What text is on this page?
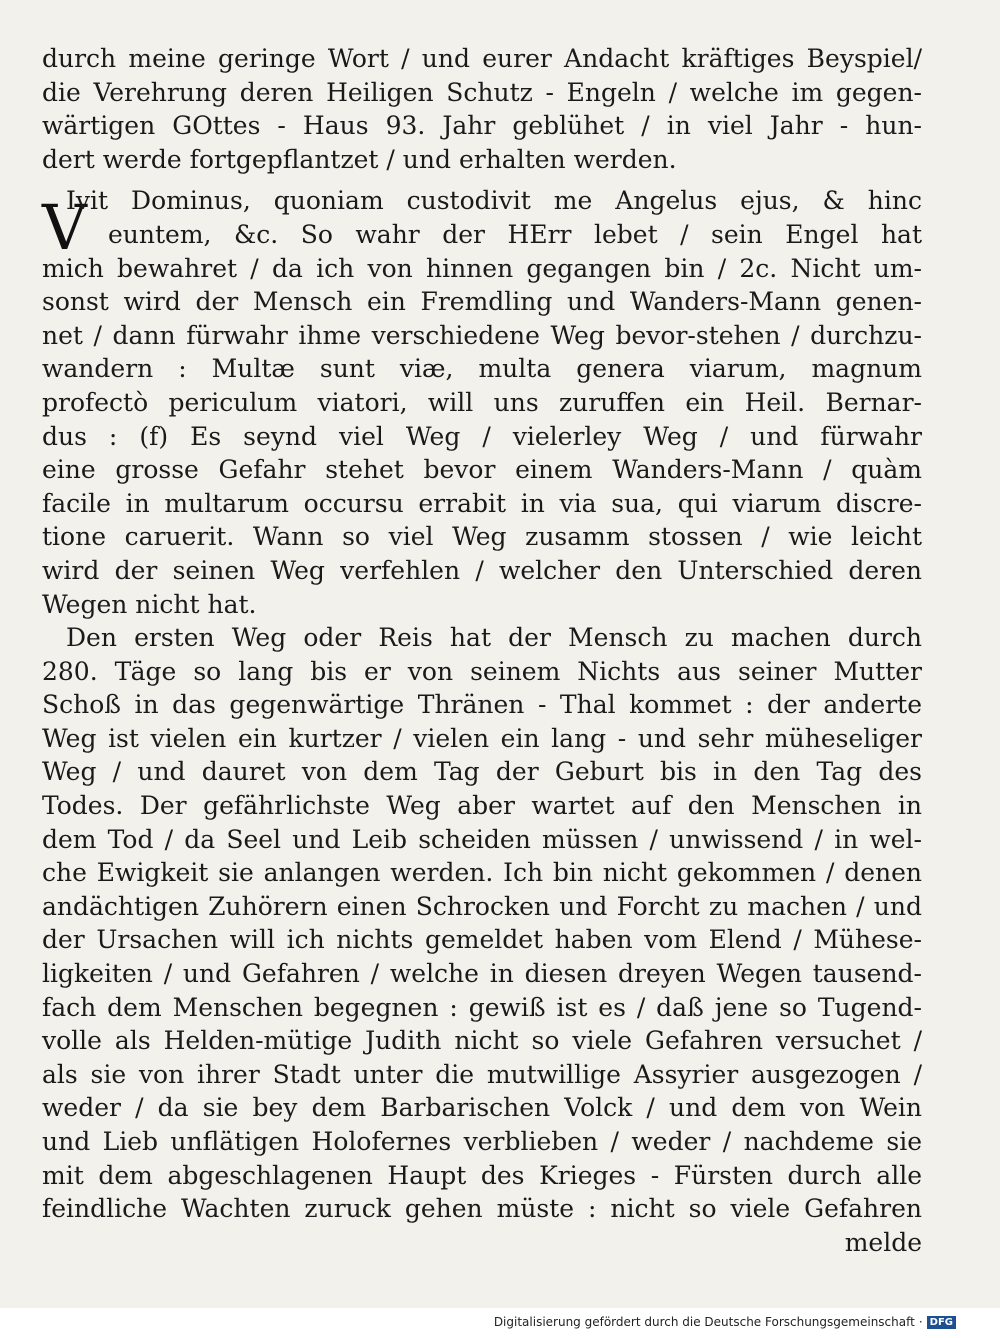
V
durch meine geringe Wort / und eurer Andacht kräftiges Beyspiel/
die Verehrung deren Heiligen Schutz - Engeln / welche im gegen-
wärtigen GOttes - Haus 93. Jahr geblühet / in viel Jahr - hun-
dert werde fortgepflantzet / und erhalten werden.
Ivit Dominus, quoniam custodivit me Angelus ejus, & hinc
euntem, &c. So wahr der HErr lebet / sein Engel hat
mich bewahret / da ich von hinnen gegangen bin / 2c. Nicht um-
sonst wird der Mensch ein Fremdling und Wanders-Mann genen-
net / dann fürwahr ihme verschiedene Weg bevor-stehen / durchzu-
wandern : Multæ sunt viæ, multa genera viarum, magnum
profectò periculum viatori, will uns zuruffen ein Heil. Bernar-
dus : (f) Es seynd viel Weg / vielerley Weg / und fürwahr
eine grosse Gefahr stehet bevor einem Wanders-Mann / quàm
facile in multarum occursu errabit in via sua, qui viarum discre-
tione caruerit. Wann so viel Weg zusamm stossen / wie leicht
wird der seinen Weg verfehlen / welcher den Unterschied deren
Wegen nicht hat.
Den ersten Weg oder Reis hat der Mensch zu machen durch
280. Täge so lang bis er von seinem Nichts aus seiner Mutter
Schoß in das gegenwärtige Thränen - Thal kommet : der anderte
Weg ist vielen ein kurtzer / vielen ein lang - und sehr müheseliger
Weg / und dauret von dem Tag der Geburt bis in den Tag des
Todes. Der gefährlichste Weg aber wartet auf den Menschen in
dem Tod / da Seel und Leib scheiden müssen / unwissend / in wel-
che Ewigkeit sie anlangen werden. Ich bin nicht gekommen / denen
andächtigen Zuhörern einen Schrocken und Forcht zu machen / und
der Ursachen will ich nichts gemeldet haben vom Elend / Mühese-
ligkeiten / und Gefahren / welche in diesen dreyen Wegen tausend-
fach dem Menschen begegnen : gewiß ist es / daß jene so Tugend-
volle als Helden-mütige Judith nicht so viele Gefahren versuchet /
als sie von ihrer Stadt unter die mutwillige Assyrier ausgezogen /
weder / da sie bey dem Barbarischen Volck / und dem von Wein
und Lieb unflätigen Holofernes verblieben / weder / nachdeme sie
mit dem abgeschlagenen Haupt des Krieges - Fürsten durch alle
feindliche Wachten zuruck gehen müste : nicht so viele Gefahren
melde
Digitalisierung gefördert durch die Deutsche Forschungsgemeinschaft · DFG
